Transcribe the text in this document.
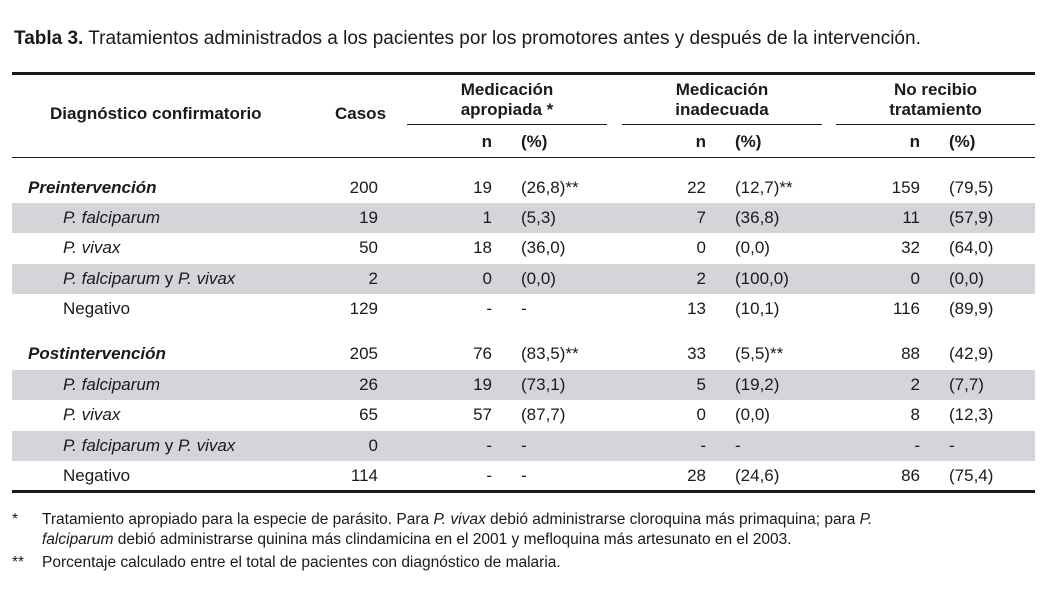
Tabla 3. Tratamientos administrados a los pacientes por los promotores antes y después de la intervención.
Diagnóstico confirmatorio	Casos
Medicación
apropiada *
Medicación
inadecuada
No recibio
tratamiento
n (%)	n (%)	n (%)
Preintervención	200	19 (26,8)**	22 (12,7)**	159 (79,5)
P. falciparum	19	1 (5,3)	7 (36,8)	11 (57,9)
P. vivax	50	18 (36,0)	0 (0,0)	32 (64,0)
P. falciparum y P. vivax	2	0 (0,0)	2 (100,0)	0 (0,0)
Negativo	129	- -	13 (10,1)	116 (89,9)
Postintervención	205	76 (83,5)**	33 (5,5)**	88 (42,9)
P. falciparum	26	19 (73,1)	5 (19,2)	2 (7,7)
P. vivax	65	57 (87,7)	0 (0,0)	8 (12,3)
P. falciparum y P. vivax	0	- -	- -	- -
Negativo	114	- -	28 (24,6)	86 (75,4)
* Tratamiento apropiado para la especie de parásito. Para P. vivax debió administrarse cloroquina más primaquina; para P.
falciparum debió administrarse quinina más clindamicina en el 2001 y mefloquina más artesunato en el 2003.
** Porcentaje calculado entre el total de pacientes con diagnóstico de malaria.
